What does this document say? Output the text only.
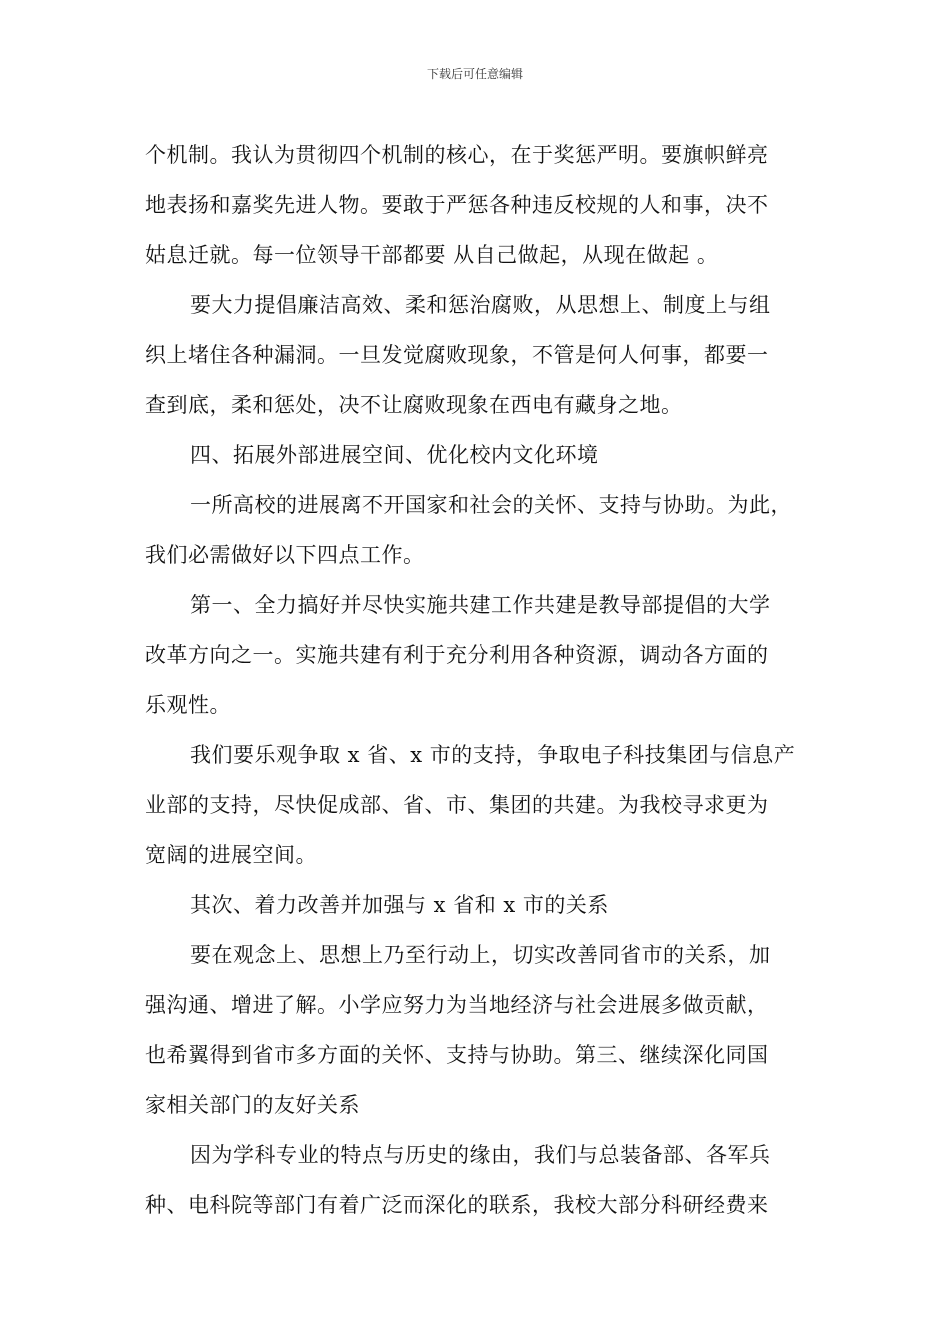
下载后可任意编辑
个机制。我认为贯彻四个机制的核心，在于奖惩严明。要旗帜鲜亮
地表扬和嘉奖先进人物。要敢于严惩各种违反校规的人和事，决不
姑息迁就。每一位领导干部都要 从自己做起，从现在做起 。
要大力提倡廉洁高效、柔和惩治腐败，从思想上、制度上与组
织上堵住各种漏洞。一旦发觉腐败现象，不管是何人何事，都要一
查到底，柔和惩处，决不让腐败现象在西电有藏身之地。
四、拓展外部进展空间、优化校内文化环境
一所高校的进展离不开国家和社会的关怀、支持与协助。为此，
我们必需做好以下四点工作。
第一、全力搞好并尽快实施共建工作共建是教导部提倡的大学
改革方向之一。实施共建有利于充分利用各种资源，调动各方面的
乐观性。
我们要乐观争取 x 省、x 市的支持，争取电子科技集团与信息产
业部的支持，尽快促成部、省、市、集团的共建。为我校寻求更为
宽阔的进展空间。
其次、着力改善并加强与 x 省和 x 市的关系
要在观念上、思想上乃至行动上，切实改善同省市的关系，加
强沟通、增进了解。小学应努力为当地经济与社会进展多做贡献，
也希翼得到省市多方面的关怀、支持与协助。第三、继续深化同国
家相关部门的友好关系
因为学科专业的特点与历史的缘由，我们与总装备部、各军兵
种、电科院等部门有着广泛而深化的联系，我校大部分科研经费来
